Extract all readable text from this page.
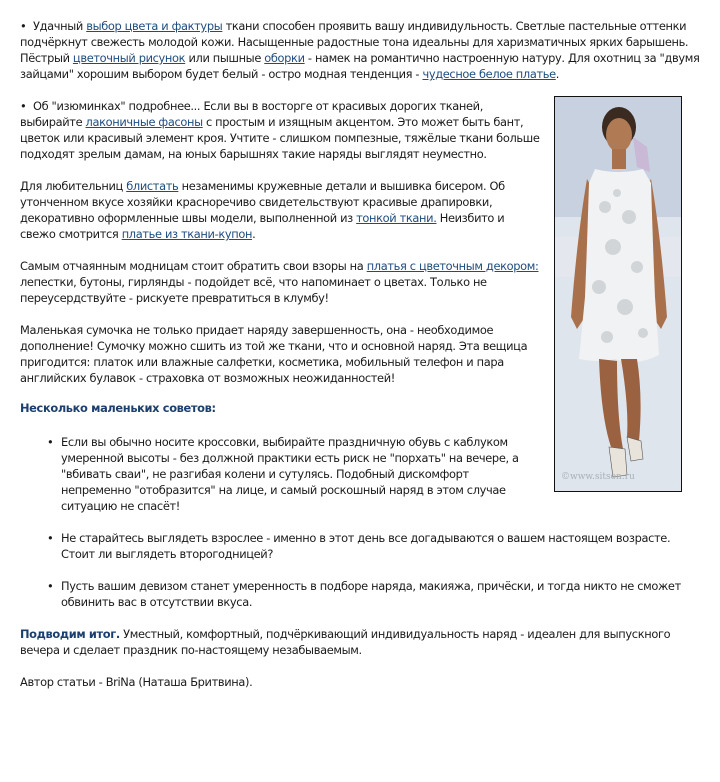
• Удачный выбор цвета и фактуры ткани способен проявить вашу индивидульность. Светлые пастельные оттенки подчёркнут свежесть молодой кожи. Насыщенные радостные тона идеальны для харизматичных ярких барышень. Пёстрый цветочный рисунок или пышные оборки - намек на романтично настроенную натуру. Для охотниц за "двумя зайцами" хорошим выбором будет белый - остро модная тенденция - чудесное белое платье.

©www.sitson.ru

• Об "изюминках" подробнее... Если вы в восторге от красивых дорогих тканей, выбирайте лаконичные фасоны с простым и изящным акцентом. Это может быть бант, цветок или красивый элемент кроя. Учтите - слишком помпезные, тяжёлые ткани больше подходят зрелым дамам, на юных барышнях такие наряды выглядят неуместно.

Для любительниц блистать незаменимы кружевные детали и вышивка бисером. Об утонченном вкусе хозяйки красноречиво свидетельствуют красивые драпировки, декоративно оформленные швы модели, выполненной из тонкой ткани. Неизбито и свежо смотрится платье из ткани-купон.

Самым отчаянным модницам стоит обратить свои взоры на платья с цветочным декором: лепестки, бутоны, гирлянды - подойдет всё, что напоминает о цветах. Только не переусердствуйте - рискуете превратиться в клумбу!

Маленькая сумочка не только придает наряду завершенность, она - необходимое дополнение! Сумочку можно сшить из той же ткани, что и основной наряд. Эта вещица пригодится: платок или влажные салфетки, косметика, мобильный телефон и пара английских булавок - страховка от возможных неожиданностей!

Несколько маленьких советов:

• Если вы обычно носите кроссовки, выбирайте праздничную обувь с каблуком умеренной высоты - без должной практики есть риск не "порхать" на вечере, а "вбивать сваи", не разгибая колени и сутулясь. Подобный дискомфорт непременно "отобразится" на лице, и самый роскошный наряд в этом случае ситуацию не спасёт!
• Не старайтесь выглядеть взрослее - именно в этот день все догадываются о вашем настоящем возрасте. Стоит ли выглядеть второгодницей?
• Пусть вашим девизом станет умеренность в подборе наряда, макияжа, причёски, и тогда никто не сможет обвинить вас в отсутствии вкуса.

Подводим итог. Уместный, комфортный, подчёркивающий индивидуальность наряд - идеален для выпускного вечера и сделает праздник по-настоящему незабываемым.

Автор статьи - BriNa (Наташа Бритвина).
